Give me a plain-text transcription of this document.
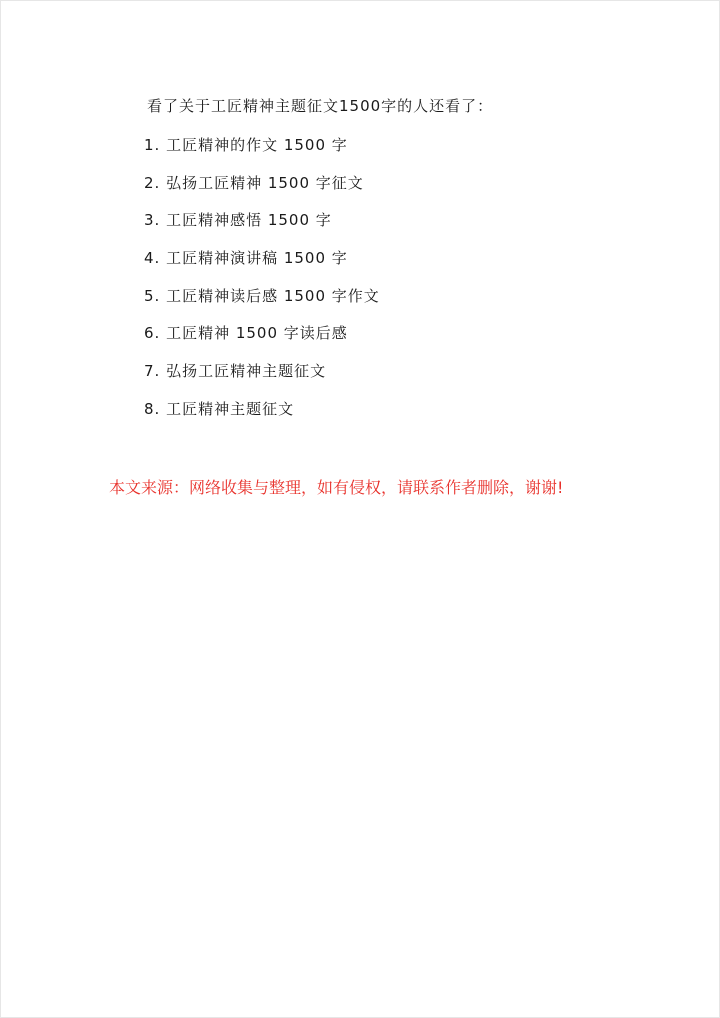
看了关于工匠精神主题征文1500字的人还看了：
1. 工匠精神的作文 1500 字
2. 弘扬工匠精神 1500 字征文
3. 工匠精神感悟 1500 字
4. 工匠精神演讲稿 1500 字
5. 工匠精神读后感 1500 字作文
6. 工匠精神 1500 字读后感
7. 弘扬工匠精神主题征文
8. 工匠精神主题征文
本文来源：网络收集与整理，如有侵权，请联系作者删除，谢谢!
